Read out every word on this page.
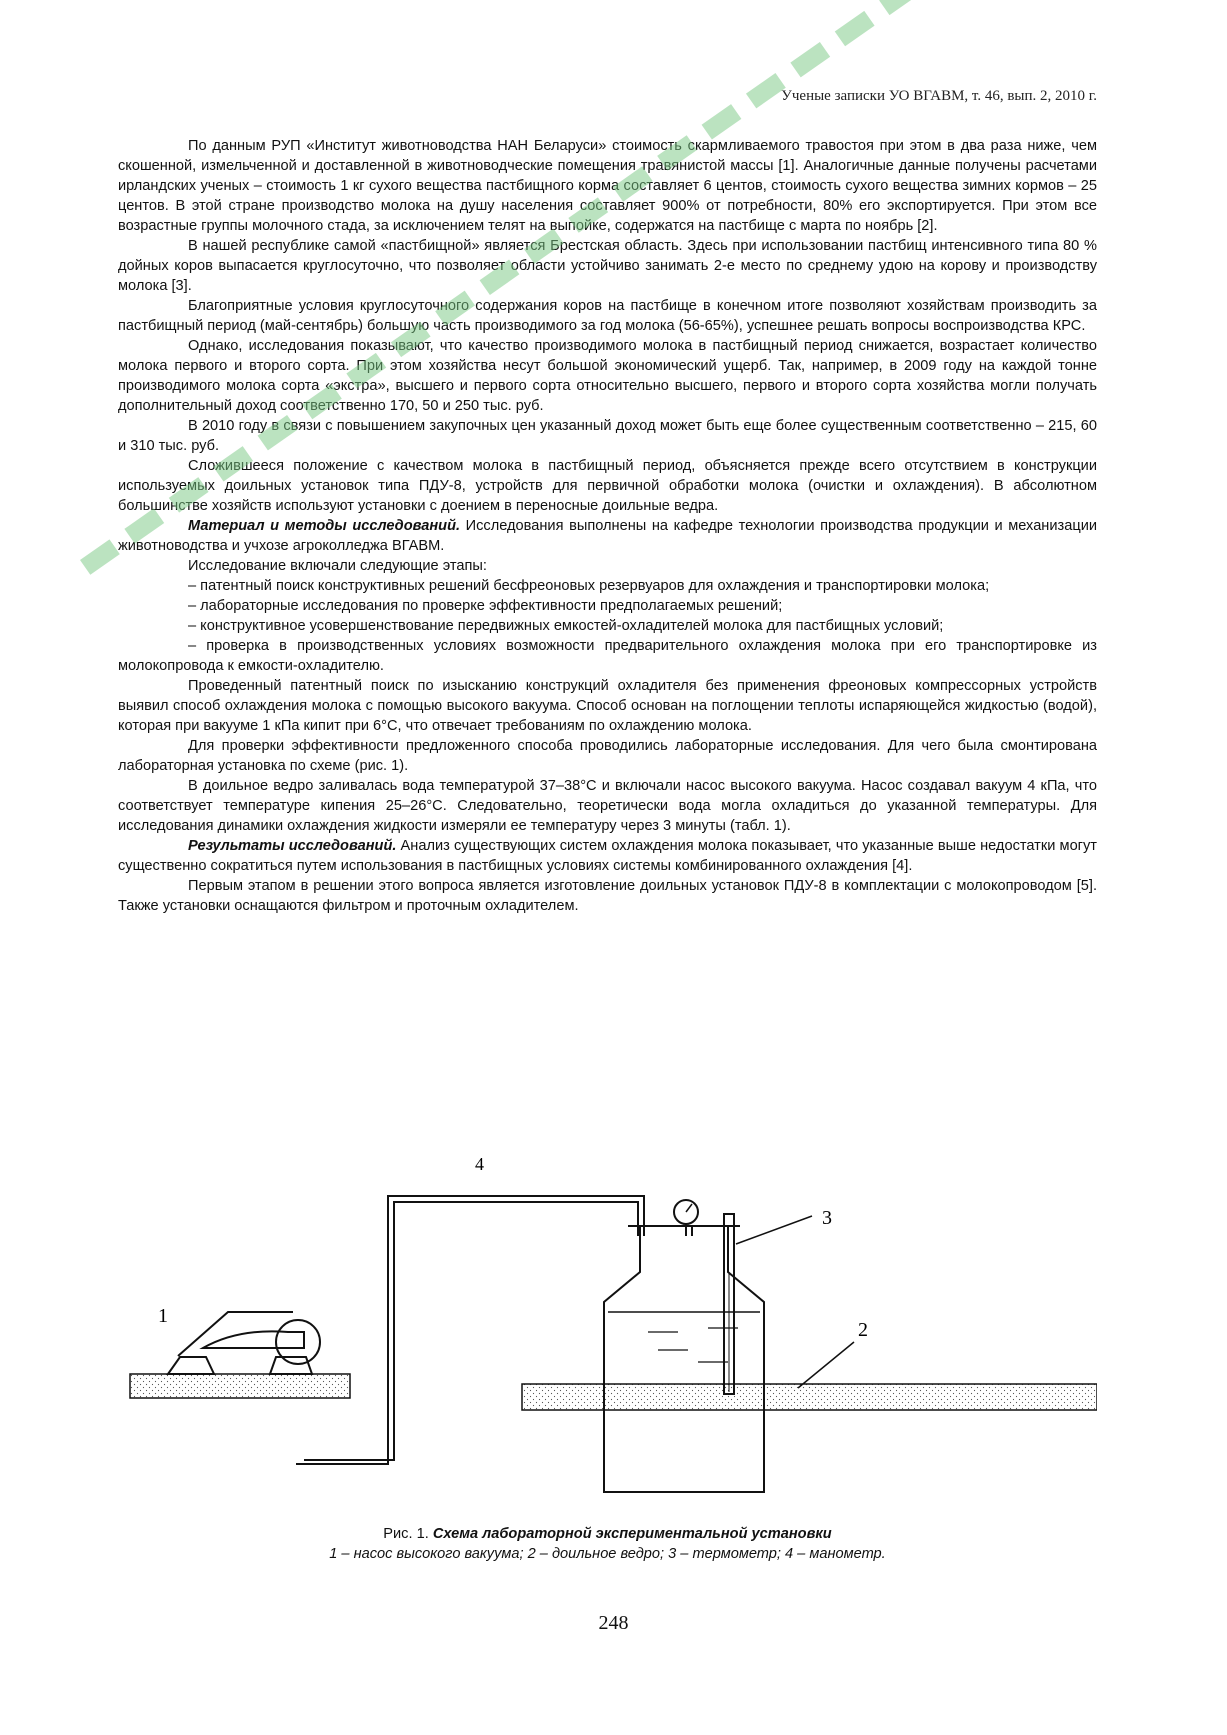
Ученые записки УО ВГАВМ, т. 46, вып. 2, 2010 г.

По данным РУП «Институт животноводства НАН Беларуси» стоимость скармливаемого травостоя при этом в два раза ниже, чем скошенной, измельченной и доставленной в животноводческие помещения травянистой массы [1]. Аналогичные данные получены расчетами ирландских ученых – стоимость 1 кг сухого вещества пастбищного корма составляет 6 центов, стоимость сухого вещества зимних кормов – 25 центов. В этой стране производство молока на душу населения составляет 900% от потребности, 80% его экспортируется. При этом все возрастные группы молочного стада, за исключением телят на выпойке, содержатся на пастбище с марта по ноябрь [2].

В нашей республике самой «пастбищной» является Брестская область. Здесь при использовании пастбищ интенсивного типа 80 % дойных коров выпасается круглосуточно, что позволяет области устойчиво занимать 2-е место по среднему удою на корову и производству молока [3].

Благоприятные условия круглосуточного содержания коров на пастбище в конечном итоге позволяют хозяйствам производить за пастбищный период (май-сентябрь) большую часть производимого за год молока (56-65%), успешнее решать вопросы воспроизводства КРС.

Однако, исследования показывают, что качество производимого молока в пастбищный период снижается, возрастает количество молока первого и второго сорта. При этом хозяйства несут большой экономический ущерб. Так, например, в 2009 году на каждой тонне производимого молока сорта «экстра», высшего и первого сорта относительно высшего, первого и второго сорта хозяйства могли получать дополнительный доход соответственно 170, 50 и 250 тыс. руб.

В 2010 году в связи с повышением закупочных цен указанный доход может быть еще более существенным соответственно – 215, 60 и 310 тыс. руб.

Сложившееся положение с качеством молока в пастбищный период, объясняется прежде всего отсутствием в конструкции используемых доильных установок типа ПДУ-8, устройств для первичной обработки молока (очистки и охлаждения). В абсолютном большинстве хозяйств используют установки с доением в переносные доильные ведра.

Материал и методы исследований. Исследования выполнены на кафедре технологии производства продукции и механизации животноводства и учхозе агроколледжа ВГАВМ.

Исследование включали следующие этапы:

– патентный поиск конструктивных решений бесфреоновых резервуаров для охлаждения и транспортировки молока;

– лабораторные исследования по проверке эффективности предполагаемых решений;

– конструктивное усовершенствование передвижных емкостей-охладителей молока для пастбищных условий;

– проверка в производственных условиях возможности предварительного охлаждения молока при его транспортировке из молокопровода к емкости-охладителю.

Проведенный патентный поиск по изысканию конструкций охладителя без применения фреоновых компрессорных устройств выявил способ охлаждения молока с помощью высокого вакуума. Способ основан на поглощении теплоты испаряющейся жидкостью (водой), которая при вакууме 1 кПа кипит при 6°С, что отвечает требованиям по охлаждению молока.

Для проверки эффективности предложенного способа проводились лабораторные исследования. Для чего была смонтирована лабораторная установка по схеме (рис. 1).

В доильное ведро заливалась вода температурой 37–38°С и включали насос высокого вакуума. Насос создавал вакуум 4 кПа, что соответствует температуре кипения 25–26°С. Следовательно, теоретически вода могла охладиться до указанной температуры. Для исследования динамики охлаждения жидкости измеряли ее температуру через 3 минуты (табл. 1).

Результаты исследований. Анализ существующих систем охлаждения молока показывает, что указанные выше недостатки могут существенно сократиться путем использования в пастбищных условиях системы комбинированного охлаждения [4].

Первым этапом в решении этого вопроса является изготовление доильных установок ПДУ-8 в комплектации с молокопроводом [5]. Также установки оснащаются фильтром и проточным охладителем.

1
2
3
4
Рис. 1. Схема лабораторной экспериментальной установки
1 – насос высокого вакуума; 2 – доильное ведро; 3 – термометр; 4 – манометр.
248
